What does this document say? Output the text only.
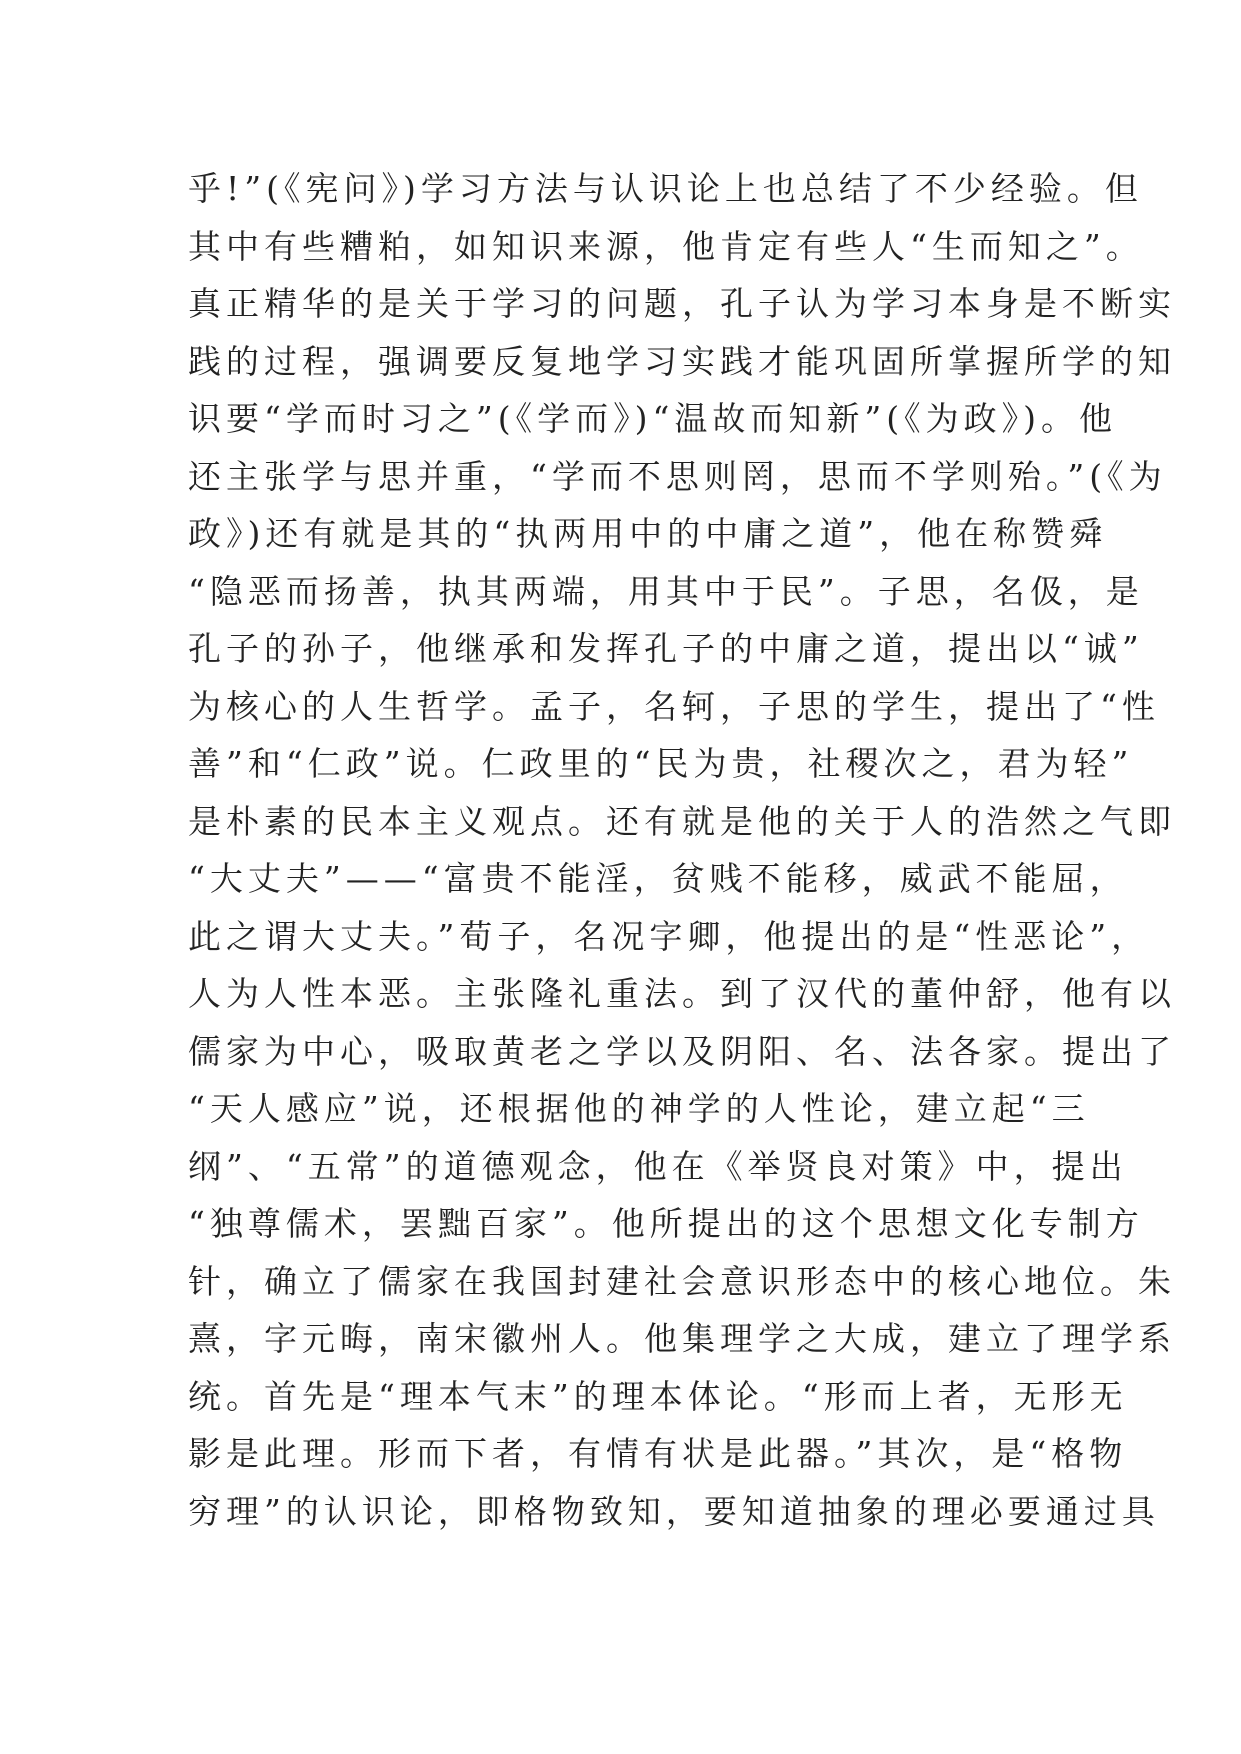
乎!”(《宪问》)学习方法与认识论上也总结了不少经验。但
其中有些糟粕，如知识来源，他肯定有些人“生而知之”。
真正精华的是关于学习的问题，孔子认为学习本身是不断实
践的过程，强调要反复地学习实践才能巩固所掌握所学的知
识要“学而时习之”(《学而》)“温故而知新”(《为政》)。他
还主张学与思并重，“学而不思则罔，思而不学则殆。”(《为
政》)还有就是其的“执两用中的中庸之道”，他在称赞舜
“隐恶而扬善，执其两端，用其中于民”。子思，名伋，是
孔子的孙子，他继承和发挥孔子的中庸之道，提出以“诚”
为核心的人生哲学。孟子，名轲，子思的学生，提出了“性
善”和“仁政”说。仁政里的“民为贵，社稷次之，君为轻”
是朴素的民本主义观点。还有就是他的关于人的浩然之气即
“大丈夫”——“富贵不能淫，贫贱不能移，威武不能屈，
此之谓大丈夫。”荀子，名况字卿，他提出的是“性恶论”，
人为人性本恶。主张隆礼重法。到了汉代的董仲舒，他有以
儒家为中心，吸取黄老之学以及阴阳、名、法各家。提出了
“天人感应”说，还根据他的神学的人性论，建立起“三
纲”、“五常”的道德观念，他在《举贤良对策》中，提出
“独尊儒术，罢黜百家”。他所提出的这个思想文化专制方
针，确立了儒家在我国封建社会意识形态中的核心地位。朱
熹，字元晦，南宋徽州人。他集理学之大成，建立了理学系
统。首先是“理本气末”的理本体论。“形而上者，无形无
影是此理。形而下者，有情有状是此器。”其次，是“格物
穷理”的认识论，即格物致知，要知道抽象的理必要通过具
